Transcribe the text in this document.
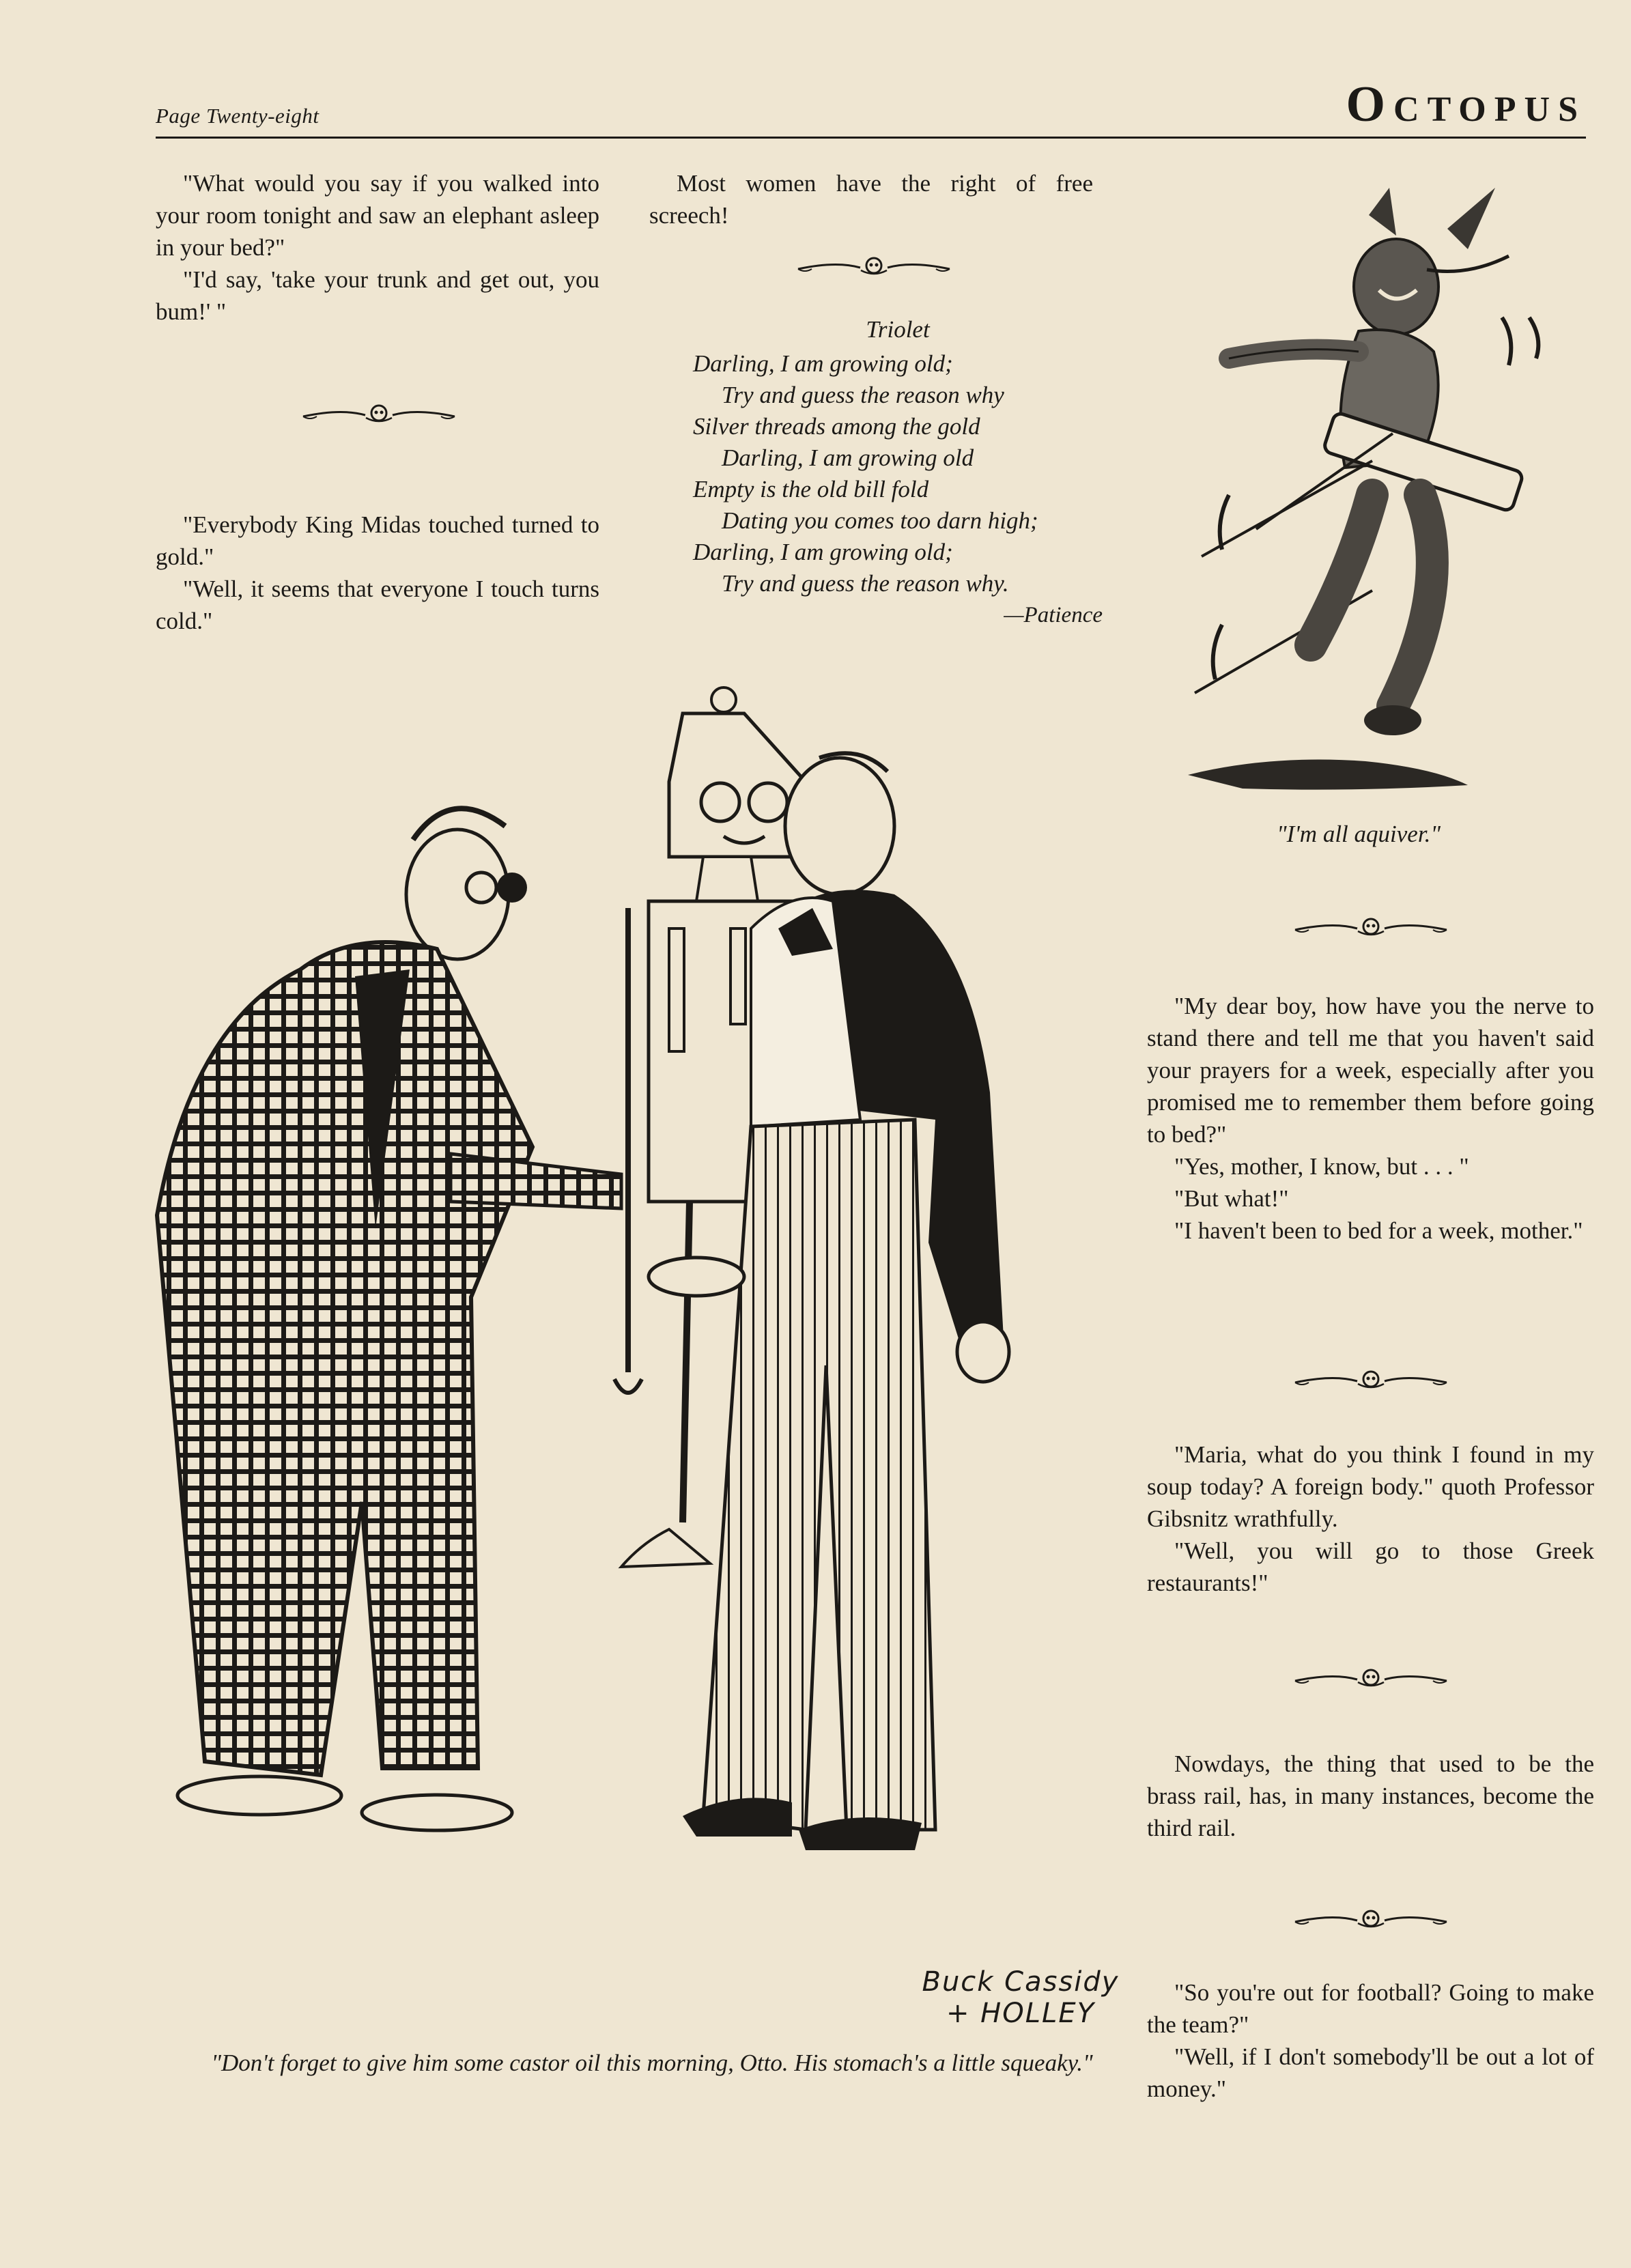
Page Twenty-eight	Octopus

"What would you say if you walked into your room tonight and saw an elephant asleep in your bed?"

"I'd say, 'take your trunk and get out, you bum!' "

"Everybody King Midas touched turned to gold."

"Well, it seems that everyone I touch turns cold."

Most women have the right of free screech!

Triolet
Darling, I am growing old;
Try and guess the reason why
Silver threads among the gold
Darling, I am growing old
Empty is the old bill fold
Dating you comes too darn high;
Darling, I am growing old;
Try and guess the reason why.
—Patience
"I'm all aquiver."

"My dear boy, how have you the nerve to stand there and tell me that you haven't said your prayers for a week, especially after you promised me to remember them before going to bed?"

"Yes, mother, I know, but . . . "

"But what!"

"I haven't been to bed for a week, mother."

"Maria, what do you think I found in my soup today? A foreign body." quoth Professor Gibsnitz wrathfully.

"Well, you will go to those Greek restaurants!"

Nowdays, the thing that used to be the brass rail, has, in many instances, become the third rail.

"So you're out for football? Going to make the team?"

"Well, if I don't somebody'll be out a lot of money."

Buck Cassidy
+ HOLLEY
"Don't forget to give him some castor oil this morning, Otto. His stomach's a little squeaky."
